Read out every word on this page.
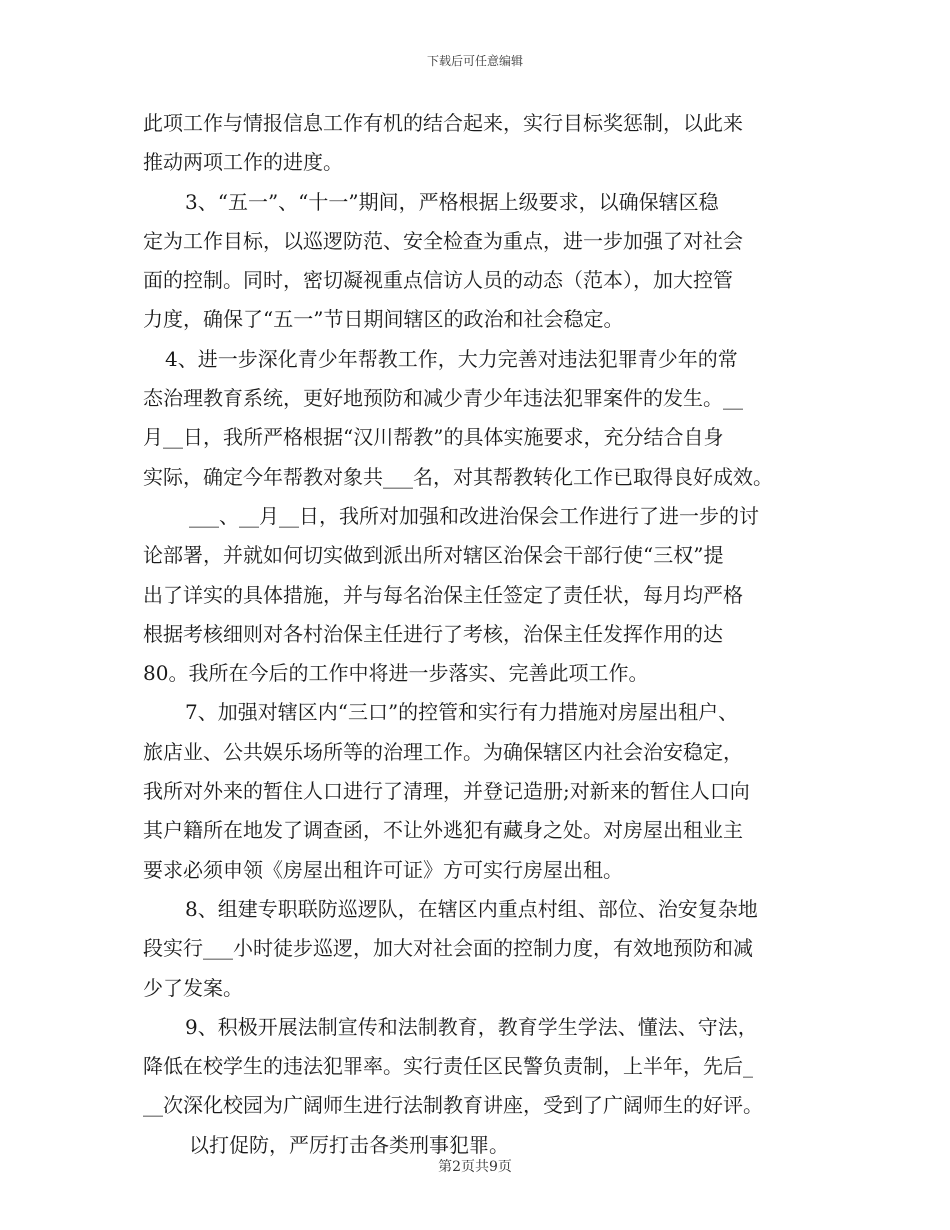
下载后可任意编辑
此项工作与情报信息工作有机的结合起来，实行目标奖惩制，以此来
推动两项工作的进度。
3、“五一”、“十一”期间，严格根据上级要求，以确保辖区稳
定为工作目标，以巡逻防范、安全检查为重点，进一步加强了对社会
面的控制。同时，密切凝视重点信访人员的动态（范本），加大控管
力度，确保了“五一”节日期间辖区的政治和社会稳定。
4、进一步深化青少年帮教工作，大力完善对违法犯罪青少年的常
态治理教育系统，更好地预防和减少青少年违法犯罪案件的发生。__
月__日，我所严格根据“汉川帮教”的具体实施要求，充分结合自身
实际，确定今年帮教对象共___名，对其帮教转化工作已取得良好成效。
___、__月__日，我所对加强和改进治保会工作进行了进一步的讨
论部署，并就如何切实做到派出所对辖区治保会干部行使“三权”提
出了详实的具体措施，并与每名治保主任签定了责任状，每月均严格
根据考核细则对各村治保主任进行了考核，治保主任发挥作用的达
80。我所在今后的工作中将进一步落实、完善此项工作。
7、加强对辖区内“三口”的控管和实行有力措施对房屋出租户、
旅店业、公共娱乐场所等的治理工作。为确保辖区内社会治安稳定，
我所对外来的暂住人口进行了清理，并登记造册;对新来的暂住人口向
其户籍所在地发了调查函，不让外逃犯有藏身之处。对房屋出租业主
要求必须申领《房屋出租许可证》方可实行房屋出租。
8、组建专职联防巡逻队，在辖区内重点村组、部位、治安复杂地
段实行___小时徒步巡逻，加大对社会面的控制力度，有效地预防和减
少了发案。
9、积极开展法制宣传和法制教育，教育学生学法、懂法、守法，
降低在校学生的违法犯罪率。实行责任区民警负责制，上半年，先后_
__次深化校园为广阔师生进行法制教育讲座，受到了广阔师生的好评。
以打促防，严厉打击各类刑事犯罪。
第2页共9页
